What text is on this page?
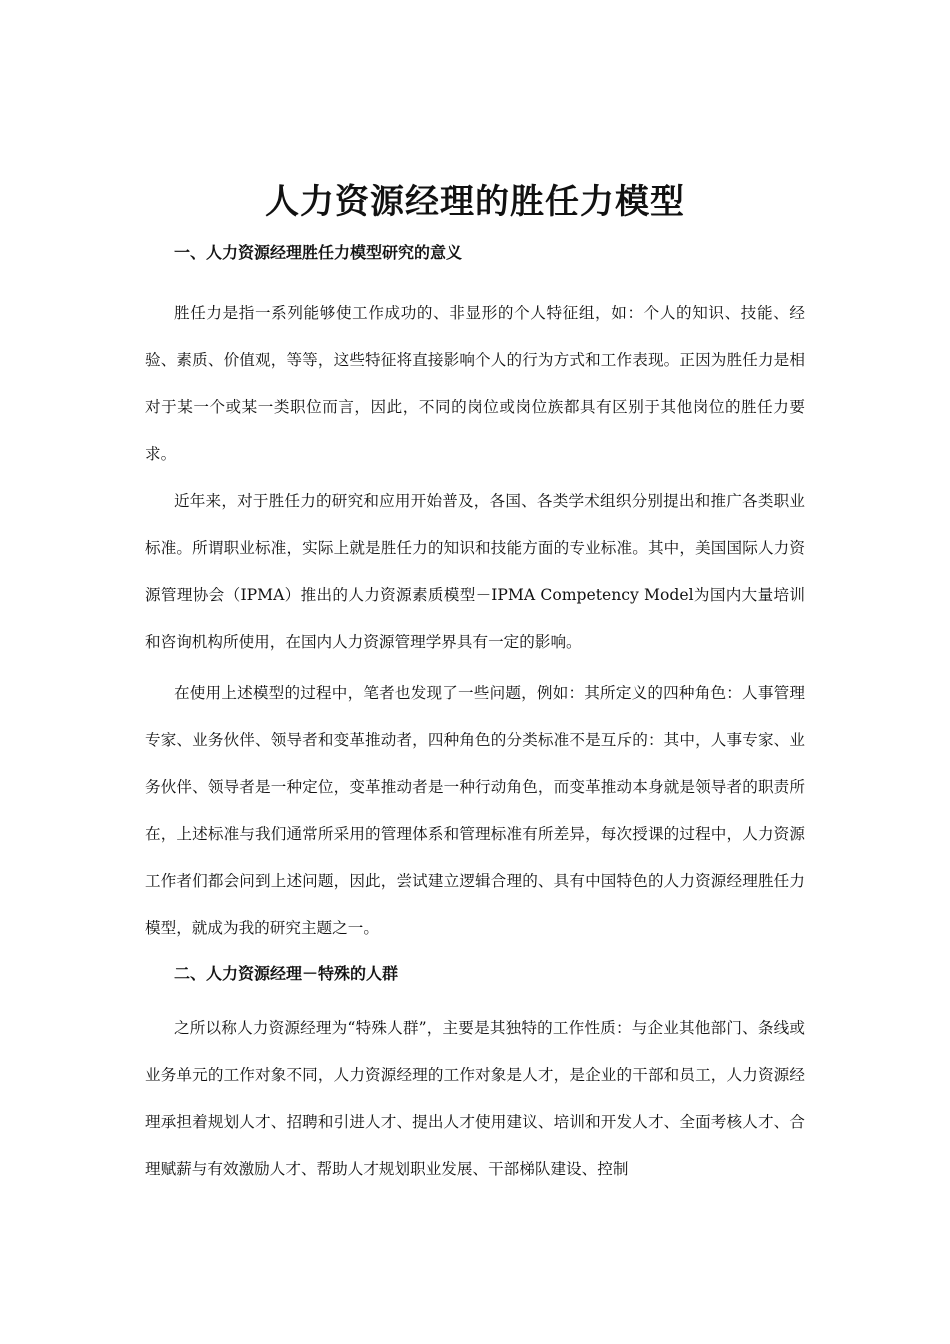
人力资源经理的胜任力模型
一、人力资源经理胜任力模型研究的意义

胜任力是指一系列能够使工作成功的、非显形的个人特征组，如：个人的知识、技能、经验、素质、价值观，等等，这些特征将直接影响个人的行为方式和工作表现。正因为胜任力是相对于某一个或某一类职位而言，因此，不同的岗位或岗位族都具有区别于其他岗位的胜任力要求。

近年来，对于胜任力的研究和应用开始普及，各国、各类学术组织分别提出和推广各类职业标准。所谓职业标准，实际上就是胜任力的知识和技能方面的专业标准。其中，美国国际人力资源管理协会（IPMA）推出的人力资源素质模型－IPMA Competency Model为国内大量培训和咨询机构所使用，在国内人力资源管理学界具有一定的影响。

在使用上述模型的过程中，笔者也发现了一些问题，例如：其所定义的四种角色：人事管理专家、业务伙伴、领导者和变革推动者，四种角色的分类标准不是互斥的：其中，人事专家、业务伙伴、领导者是一种定位，变革推动者是一种行动角色，而变革推动本身就是领导者的职责所在，上述标准与我们通常所采用的管理体系和管理标准有所差异，每次授课的过程中，人力资源工作者们都会问到上述问题，因此，尝试建立逻辑合理的、具有中国特色的人力资源经理胜任力模型，就成为我的研究主题之一。

二、人力资源经理－特殊的人群

之所以称人力资源经理为“特殊人群”，主要是其独特的工作性质：与企业其他部门、条线或业务单元的工作对象不同，人力资源经理的工作对象是人才，是企业的干部和员工，人力资源经理承担着规划人才、招聘和引进人才、提出人才使用建议、培训和开发人才、全面考核人才、合理赋薪与有效激励人才、帮助人才规划职业发展、干部梯队建设、控制
